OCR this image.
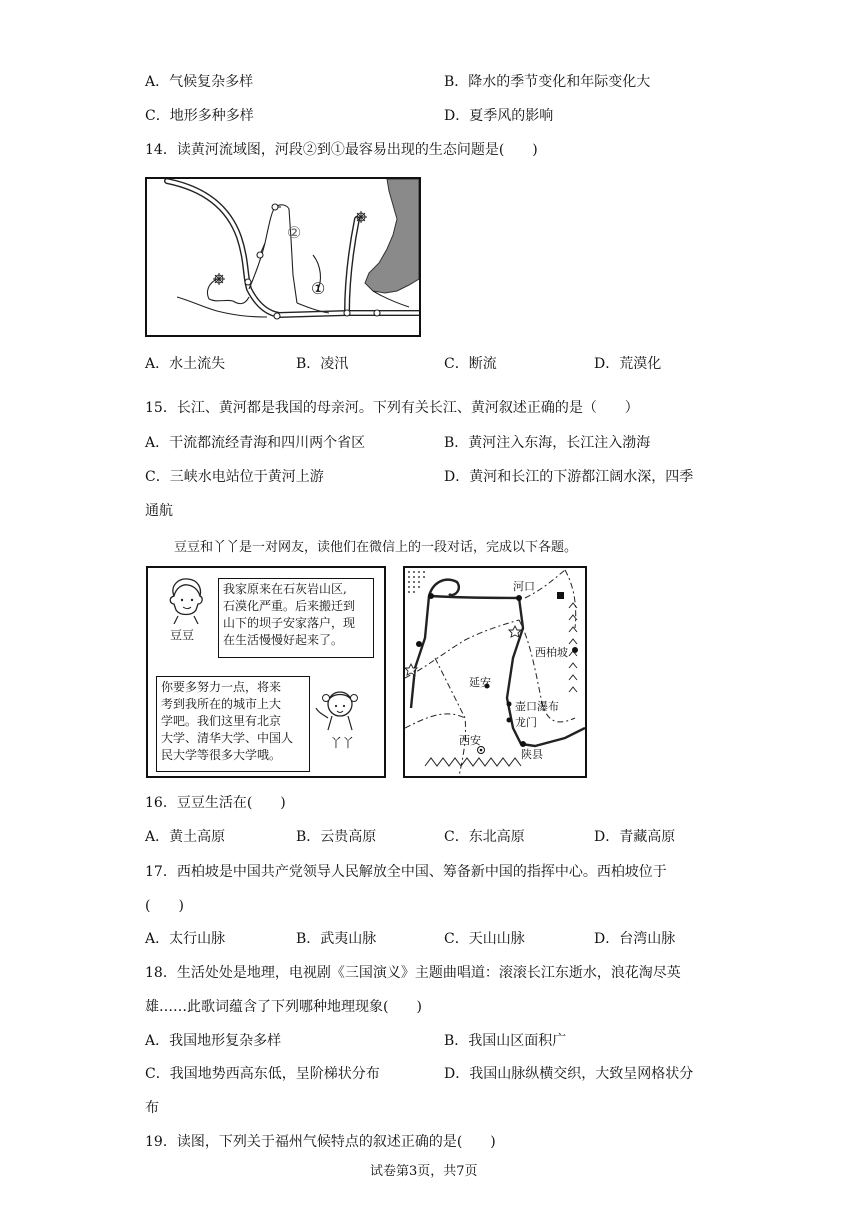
A．气候复杂多样	B．降水的季节变化和年际变化大
C．地形多种多样	D．夏季风的影响
14．读黄河流域图，河段②到①最容易出现的生态问题是(　　)
②
①
A．水土流失	B．凌汛	C．断流	D．荒漠化
15．长江、黄河都是我国的母亲河。下列有关长江、黄河叙述正确的是（　　）
A．干流都流经青海和四川两个省区	B．黄河注入东海，长江注入渤海
C．三峡水电站位于黄河上游	D．黄河和长江的下游都江阔水深，四季
通航
豆豆和丫丫是一对网友，读他们在微信上的一段对话，完成以下各题。
豆豆
我家原来在石灰岩山区,
石漠化严重。后来搬迁到
山下的坝子安家落户，现
在生活慢慢好起来了。
你要多努力一点，将来
考到我所在的城市上大
学吧。我们这里有北京
大学、清华大学、中国人
民大学等很多大学哦。
丫丫
河口
西柏坡
延安
壶口瀑布
龙门
西安
陕县
16．豆豆生活在(　　)
A．黄土高原	B．云贵高原	C．东北高原	D．青藏高原
17．西柏坡是中国共产党领导人民解放全中国、筹备新中国的指挥中心。西柏坡位于
(　　)
A．太行山脉	B．武夷山脉	C．天山山脉	D．台湾山脉
18．生活处处是地理，电视剧《三国演义》主题曲唱道：滚滚长江东逝水，浪花淘尽英
雄……此歌词蕴含了下列哪种地理现象(　　)
A．我国地形复杂多样	B．我国山区面积广
C．我国地势西高东低，呈阶梯状分布	D．我国山脉纵横交织，大致呈网格状分
布
19．读图，下列关于福州气候特点的叙述正确的是(　　)
试卷第3页，共7页
